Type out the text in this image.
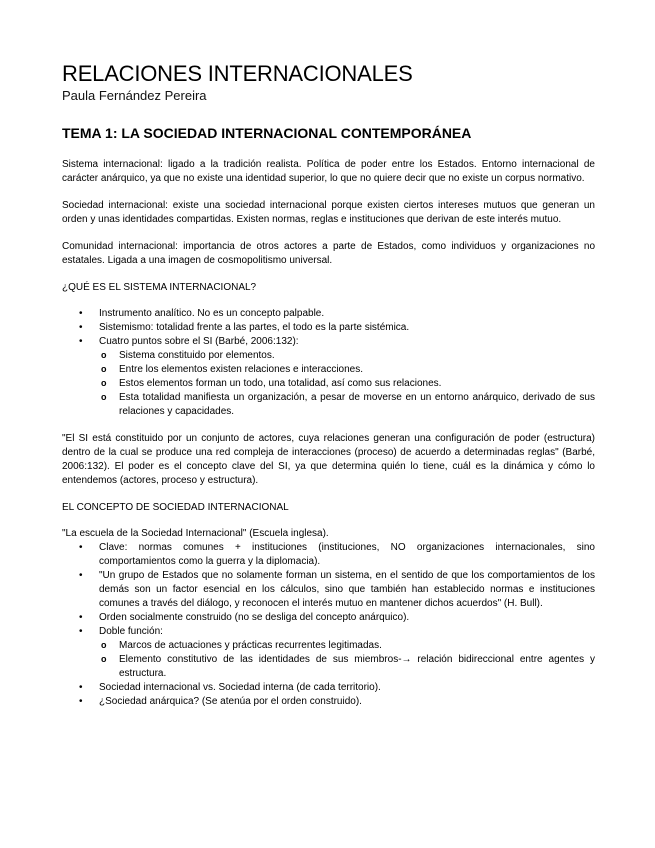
RELACIONES INTERNACIONALES
Paula Fernández Pereira
TEMA 1: LA SOCIEDAD INTERNACIONAL CONTEMPORÁNEA

Sistema internacional: ligado a la tradición realista. Política de poder entre los Estados. Entorno internacional de carácter anárquico, ya que no existe una identidad superior, lo que no quiere decir que no existe un corpus normativo.

Sociedad internacional: existe una sociedad internacional porque existen ciertos intereses mutuos que generan un orden y unas identidades compartidas. Existen normas, reglas e instituciones que derivan de este interés mutuo.

Comunidad internacional: importancia de otros actores a parte de Estados, como individuos y organizaciones no estatales. Ligada a una imagen de cosmopolitismo universal.

¿QUÉ ES EL SISTEMA INTERNACIONAL?
• Instrumento analítico. No es un concepto palpable.
• Sistemismo: totalidad frente a las partes, el todo es la parte sistémica.
• Cuatro puntos sobre el SI (Barbé, 2006:132):
o Sistema constituido por elementos.
o Entre los elementos existen relaciones e interacciones.
o Estos elementos forman un todo, una totalidad, así como sus relaciones.
o Esta totalidad manifiesta un organización, a pesar de moverse en un entorno anárquico, derivado de sus relaciones y capacidades.

"El SI está constituido por un conjunto de actores, cuya relaciones generan una configuración de poder (estructura) dentro de la cual se produce una red compleja de interacciones (proceso) de acuerdo a determinadas reglas" (Barbé, 2006:132). El poder es el concepto clave del SI, ya que determina quién lo tiene, cuál es la dinámica y cómo lo entendemos (actores, proceso y estructura).

EL CONCEPTO DE SOCIEDAD INTERNACIONAL

"La escuela de la Sociedad Internacional" (Escuela inglesa).

• Clave: normas comunes + instituciones (instituciones, NO organizaciones internacionales, sino comportamientos como la guerra y la diplomacia).
• "Un grupo de Estados que no solamente forman un sistema, en el sentido de que los comportamientos de los demás son un factor esencial en los cálculos, sino que también han establecido normas e instituciones comunes a través del diálogo, y reconocen el interés mutuo en mantener dichos acuerdos" (H. Bull).
• Orden socialmente construido (no se desliga del concepto anárquico).
• Doble función:
o Marcos de actuaciones y prácticas recurrentes legitimadas.
o Elemento constitutivo de las identidades de sus miembros-→ relación bidireccional entre agentes y estructura.
• Sociedad internacional vs. Sociedad interna (de cada territorio).
• ¿Sociedad anárquica? (Se atenúa por el orden construido).
